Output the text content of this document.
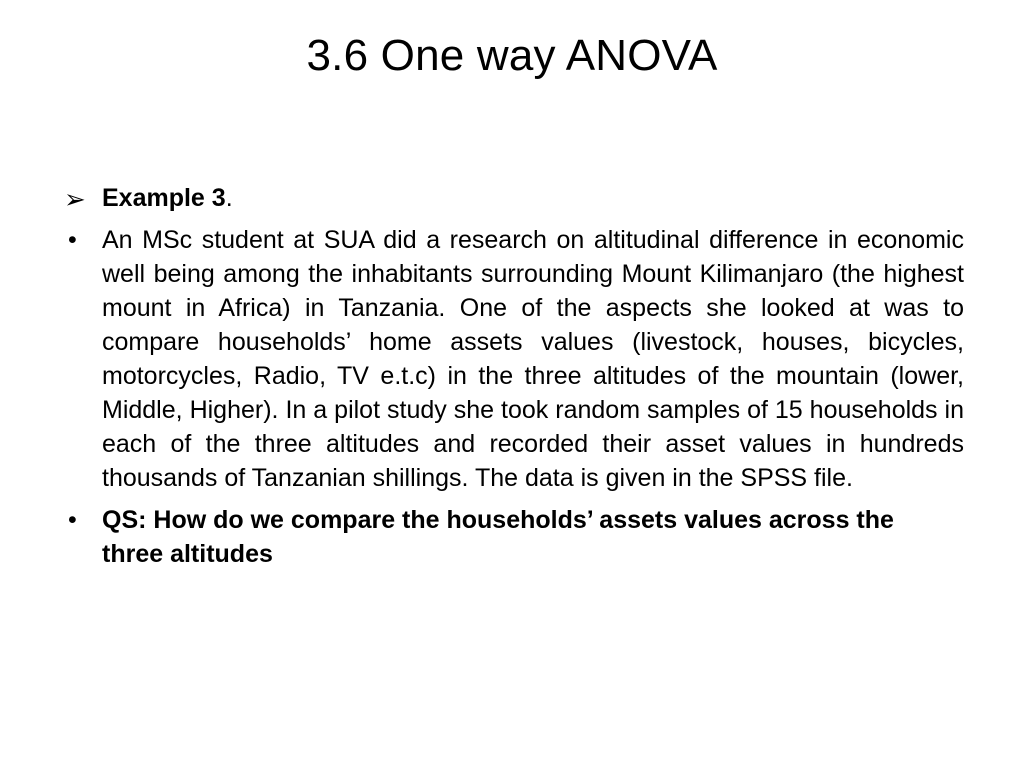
3.6 One way ANOVA
➢ Example 3.
•	An MSc student at SUA did a research on altitudinal difference in economic well being among the inhabitants surrounding Mount Kilimanjaro (the highest mount in Africa) in Tanzania. One of the aspects she looked at was to compare households’ home assets values (livestock, houses, bicycles, motorcycles, Radio, TV e.t.c) in the three altitudes of the mountain (lower, Middle, Higher). In a pilot study she took random samples of 15 households in each of the three altitudes and recorded their asset values in hundreds thousands of Tanzanian shillings. The data is given in the SPSS file.
•	QS: How do we compare the households’ assets values across the three altitudes
